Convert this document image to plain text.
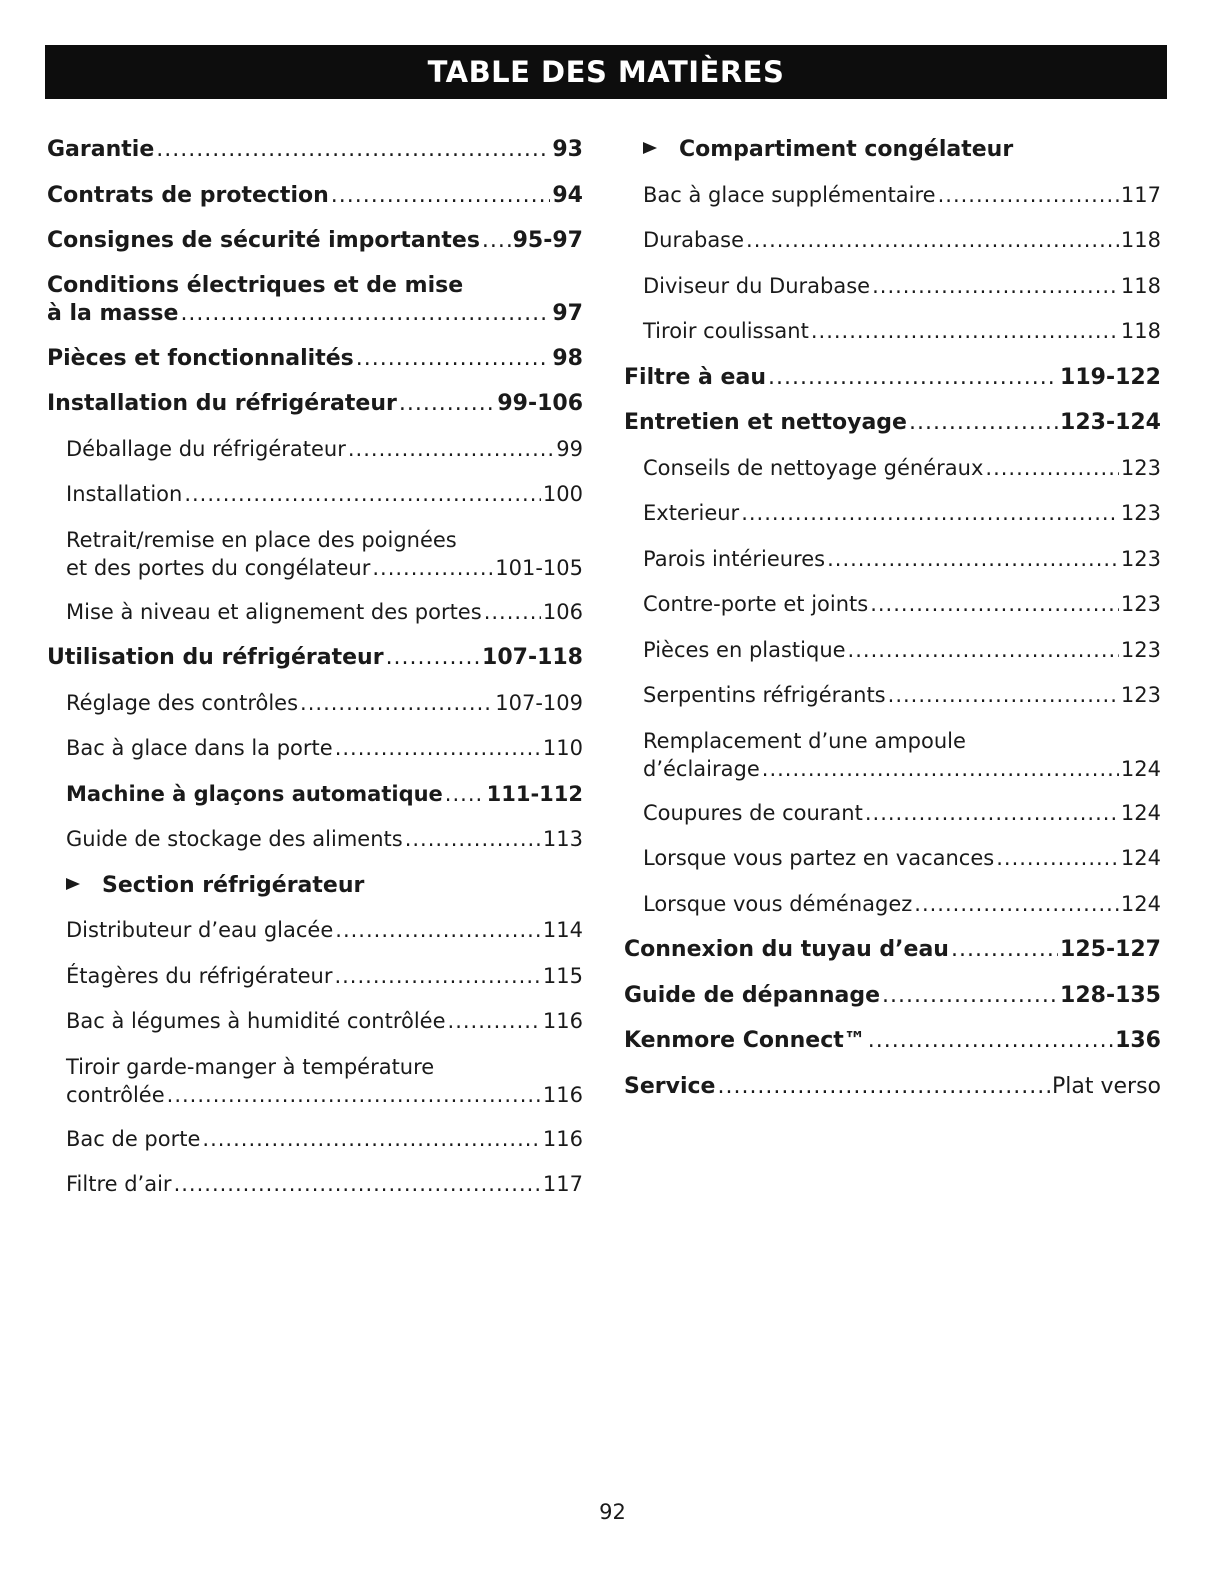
TABLE DES MATIÈRES
Garantie .....	93
Contrats de protection .....	94
Consignes de sécurité importantes ..... 95-97
Conditions électriques et de mise
à la masse .....	97
Pièces et fonctionnalités .....	98
Installation du réfrigérateur .....	99-106
Déballage du réfrigérateur .....	99
Installation .....	100
Retrait/remise en place des poignées
et des portes du congélateur .....	101-105
Mise à niveau et alignement des portes .....	106
Utilisation du réfrigérateur .....	107-118
Réglage des contrôles .....	107-109
Bac à glace dans la porte .....	110
Machine à glaçons automatique ..... 111-112
Guide de stockage des aliments .....	113
Section réfrigérateur
Distributeur d’eau glacée .....	114
Étagères du réfrigérateur .....	115
Bac à légumes à humidité contrôlée .....	116
Tiroir garde-manger à température
contrôlée .....	116
Bac de porte .....	116
Filtre d’air .....	117
Compartiment congélateur
Bac à glace supplémentaire .....	117
Durabase .....	118
Diviseur du Durabase .....	118
Tiroir coulissant .....	118
Filtre à eau .....	119-122
Entretien et nettoyage .....	123-124
Conseils de nettoyage généraux .....	123
Exterieur .....	123
Parois intérieures .....	123
Contre-porte et joints .....	123
Pièces en plastique .....	123
Serpentins réfrigérants .....	123
Remplacement d’une ampoule
d’éclairage .....	124
Coupures de courant .....	124
Lorsque vous partez en vacances .....	124
Lorsque vous déménagez .....	124
Connexion du tuyau d’eau .....	125-127
Guide de dépannage .....	128-135
Kenmore Connect™ .....	136
Service .....	Plat verso
92
